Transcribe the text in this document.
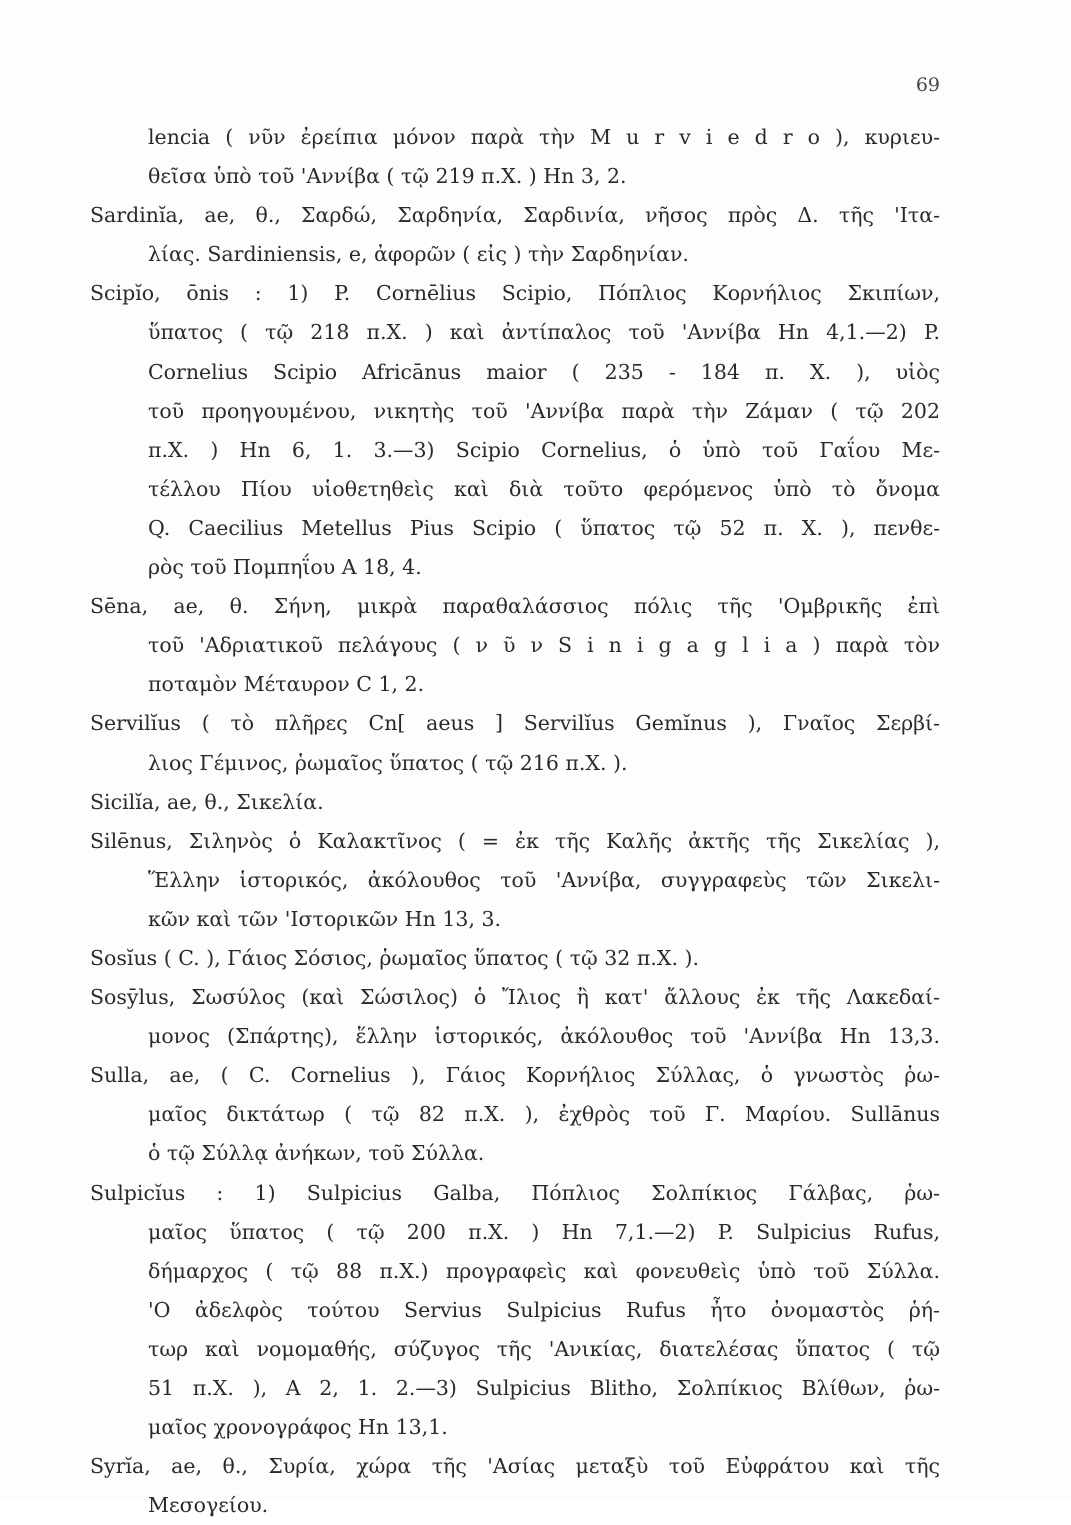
69
lencia ( νῦν ἐρείπια μόνον παρὰ τὴν M u r v i e d r o ), κυριευ-
θεῖσα ὑπὸ τοῦ 'Αννίβα ( τῷ 219 π.Χ. ) Hn 3, 2.
Sardinĭa, ae, θ., Σαρδώ, Σαρδηνία, Σαρδινία, νῆσος πρὸς Δ. τῆς 'Ιτα-
λίας. Sardiniensis, e, ἀφορῶν ( εἰς ) τὴν Σαρδηνίαν.
Scipĭo, ōnis : 1) P. Cornēlius Scipio, Πόπλιος Κορνήλιος Σκιπίων,
ὕπατος ( τῷ 218 π.Χ. ) καὶ ἀντίπαλος τοῦ 'Αννίβα Hn 4,1.—2) P.
Cornelius Scipio Africānus maior ( 235 - 184 π. Χ. ), υἱὸς
τοῦ προηγουμένου, νικητὴς τοῦ 'Αννίβα παρὰ τὴν Ζάμαν ( τῷ 202
π.Χ. ) Hn 6, 1. 3.—3) Scipio Cornelius, ὁ ὑπὸ τοῦ Γαΐου Με-
τέλλου Πίου υἱοθετηθεὶς καὶ διὰ τοῦτο φερόμενος ὑπὸ τὸ ὄνομα
Q. Caecilius Metellus Pius Scipio ( ὕπατος τῷ 52 π. Χ. ), πενθε-
ρὸς τοῦ Πομπηΐου A 18, 4.
Sēna, ae, θ. Σήνη, μικρὰ παραθαλάσσιος πόλις τῆς 'Ομβρικῆς ἐπὶ
τοῦ 'Αδριατικοῦ πελάγους ( ν ῦ ν S i n i g a g l i a ) παρὰ τὸν
ποταμὸν Μέταυρον C 1, 2.
Servilĭus ( τὸ πλῆρες Cn[ aeus ] Servilĭus Gemĭnus ), Γναῖος Σερβί-
λιος Γέμινος, ῥωμαῖος ὕπατος ( τῷ 216 π.Χ. ).
Sicilĭa, ae, θ., Σικελία.
Silēnus, Σιληνὸς ὁ Καλακτῖνος ( = ἐκ τῆς Καλῆς ἀκτῆς τῆς Σικελίας ),
Ἕλλην ἱστορικός, ἀκόλουθος τοῦ 'Αννίβα, συγγραφεὺς τῶν Σικελι-
κῶν καὶ τῶν 'Ιστορικῶν Hn 13, 3.
Sosĭus ( C. ), Γάιος Σόσιος, ῥωμαῖος ὕπατος ( τῷ 32 π.Χ. ).
Sosȳlus, Σωσύλος (καὶ Σώσιλος) ὁ Ἴλιος ἢ κατ' ἄλλους ἐκ τῆς Λακεδαί-
μονος (Σπάρτης), ἕλλην ἱστορικός, ἀκόλουθος τοῦ 'Αννίβα Hn 13,3.
Sulla, ae, ( C. Cornelius ), Γάιος Κορνήλιος Σύλλας, ὁ γνωστὸς ῥω-
μαῖος δικτάτωρ ( τῷ 82 π.Χ. ), ἐχθρὸς τοῦ Γ. Μαρίου. Sullānus
ὁ τῷ Σύλλᾳ ἀνήκων, τοῦ Σύλλα.
Sulpicĭus : 1) Sulpicius Galba, Πόπλιος Σολπίκιος Γάλβας, ῥω-
μαῖος ὕπατος ( τῷ 200 π.Χ. ) Hn 7,1.—2) P. Sulpicius Rufus,
δήμαρχος ( τῷ 88 π.Χ.) προγραφεὶς καὶ φονευθεὶς ὑπὸ τοῦ Σύλλα.
'Ο ἀδελφὸς τούτου Servius Sulpicius Rufus ἦτο ὀνομαστὸς ῥή-
τωρ καὶ νομομαθής, σύζυγος τῆς 'Ανικίας, διατελέσας ὕπατος ( τῷ
51 π.Χ. ), A 2, 1. 2.—3) Sulpicius Blitho, Σολπίκιος Βλίθων, ῥω-
μαῖος χρονογράφος Hn 13,1.
Syrĭa, ae, θ., Συρία, χώρα τῆς 'Ασίας μεταξὺ τοῦ Εὐφράτου καὶ τῆς
Μεσογείου.
